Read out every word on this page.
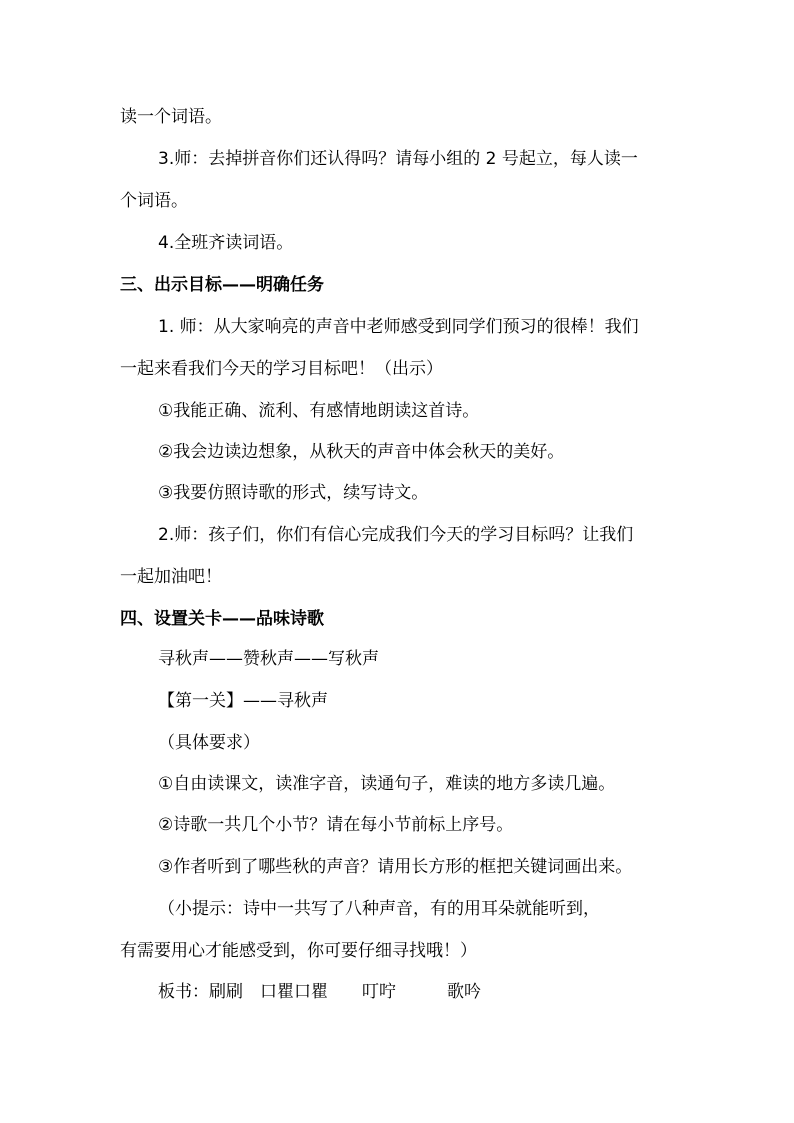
读一个词语。
3.师：去掉拼音你们还认得吗？请每小组的 2 号起立，每人读一
个词语。
4.全班齐读词语。
三、出示目标——明确任务
1. 师：从大家响亮的声音中老师感受到同学们预习的很棒！我们
一起来看我们今天的学习目标吧！（出示）
①我能正确、流利、有感情地朗读这首诗。
②我会边读边想象，从秋天的声音中体会秋天的美好。
③我要仿照诗歌的形式，续写诗文。
2.师：孩子们，你们有信心完成我们今天的学习目标吗？让我们
一起加油吧！
四、设置关卡——品味诗歌
寻秋声——赞秋声——写秋声
【第一关】——寻秋声
（具体要求）
①自由读课文，读准字音，读通句子，难读的地方多读几遍。
②诗歌一共几个小节？请在每小节前标上序号。
③作者听到了哪些秋的声音？请用长方形的框把关键词画出来。
（小提示：诗中一共写了八种声音，有的用耳朵就能听到，
有需要用心才能感受到，你可要仔细寻找哦！）
板书：刷刷　口瞿口瞿　　叮咛　　　歌吟
